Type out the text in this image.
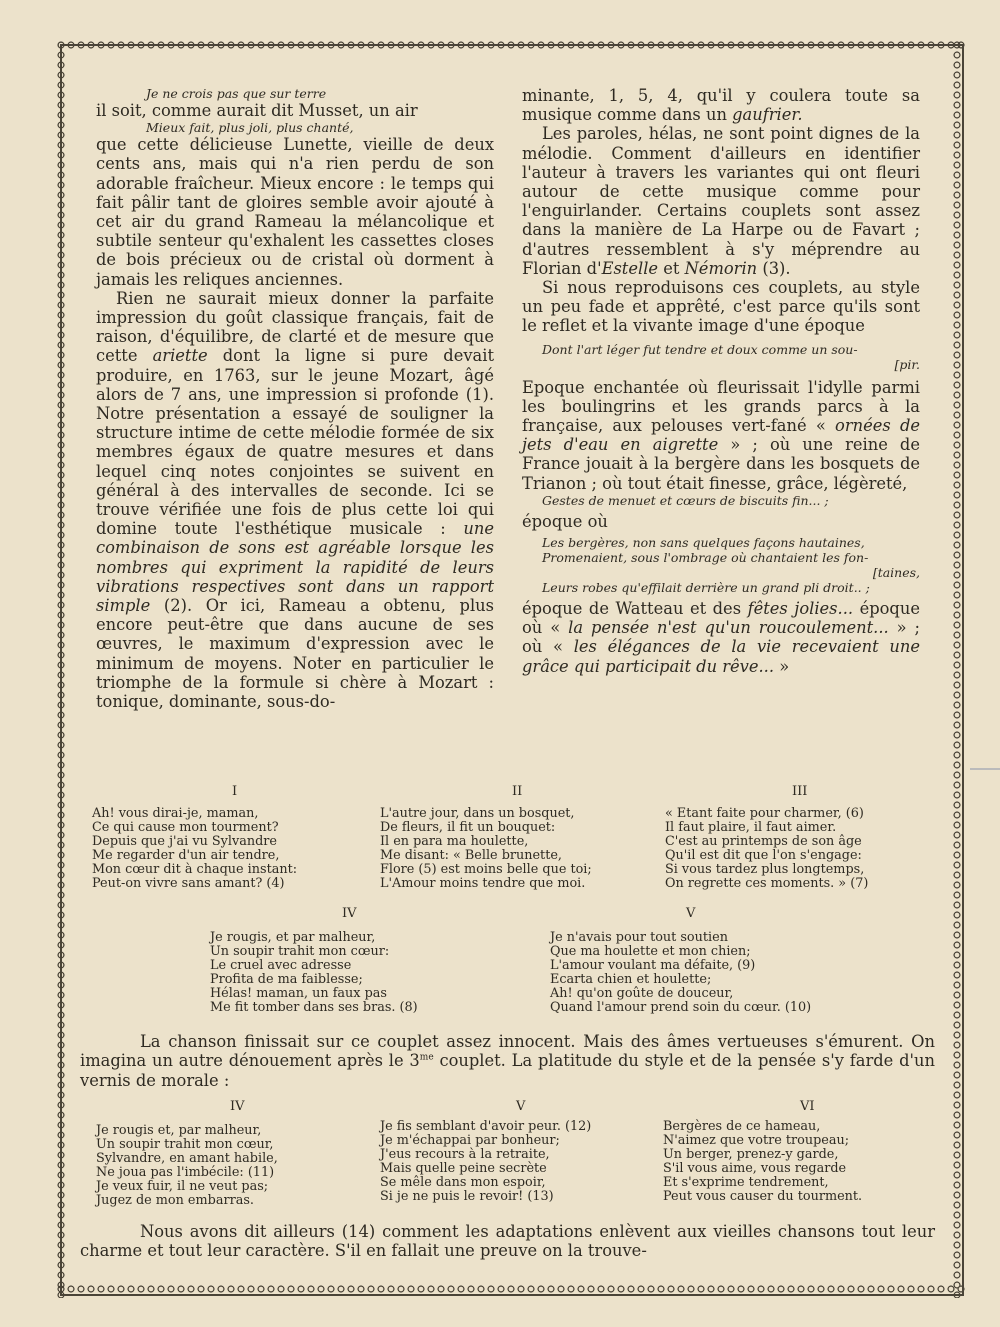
Je ne crois pas que sur terre

il soit, comme aurait dit Musset, un air

Mieux fait, plus joli, plus chanté,

que cette délicieuse Lunette, vieille de deux cents ans, mais qui n'a rien perdu de son adorable fraîcheur. Mieux encore : le temps qui fait pâlir tant de gloires semble avoir ajouté à cet air du grand Rameau la mélancolique et subtile senteur qu'exhalent les cassettes closes de bois précieux ou de cristal où dorment à jamais les reliques anciennes.

Rien ne saurait mieux donner la parfaite impression du goût classique français, fait de raison, d'équilibre, de clarté et de mesure que cette ariette dont la ligne si pure devait produire, en 1763, sur le jeune Mozart, âgé alors de 7 ans, une impression si profonde (1). Notre présentation a essayé de souligner la structure intime de cette mélodie formée de six membres égaux de quatre mesures et dans lequel cinq notes conjointes se suivent en général à des intervalles de seconde. Ici se trouve vérifiée une fois de plus cette loi qui domine toute l'esthétique musicale : une combinaison de sons est agréable lorsque les nombres qui expriment la rapidité de leurs vibrations respectives sont dans un rapport simple (2). Or ici, Rameau a obtenu, plus encore peut-être que dans aucune de ses œuvres, le maximum d'expression avec le minimum de moyens. Noter en particulier le triomphe de la formule si chère à Mozart : tonique, dominante, sous-do-

minante, 1, 5, 4, qu'il y coulera toute sa musique comme dans un gaufrier.

Les paroles, hélas, ne sont point dignes de la mélodie. Comment d'ailleurs en identifier l'auteur à travers les variantes qui ont fleuri autour de cette musique comme pour l'enguirlander. Certains couplets sont assez dans la manière de La Harpe ou de Favart ; d'autres ressemblent à s'y méprendre au Florian d'Estelle et Némorin (3).

Si nous reproduisons ces couplets, au style un peu fade et apprêté, c'est parce qu'ils sont le reflet et la vivante image d'une époque

Dont l'art léger fut tendre et doux comme un sou-

[pir.

Epoque enchantée où fleurissait l'idylle parmi les boulingrins et les grands parcs à la française, aux pelouses vert-fané « ornées de jets d'eau en aigrette » ; où une reine de France jouait à la bergère dans les bosquets de Trianon ; où tout était finesse, grâce, légèreté,

Gestes de menuet et cœurs de biscuits fin... ;

époque où

Les bergères, non sans quelques façons hautaines,

Promenaient, sous l'ombrage où chantaient les fon-

[taines,

Leurs robes qu'effilait derrière un grand pli droit.. ;

époque de Watteau et des fêtes jolies... époque où « la pensée n'est qu'un roucoulement... » ; où « les élégances de la vie recevaient une grâce qui participait du rêve... »

I	II	III
Ah! vous dirai-je, maman,
Ce qui cause mon tourment?
Depuis que j'ai vu Sylvandre
Me regarder d'un air tendre,
Mon cœur dit à chaque instant:
Peut-on vivre sans amant? (4)
L'autre jour, dans un bosquet,
De fleurs, il fit un bouquet:
Il en para ma houlette,
Me disant: « Belle brunette,
Flore (5) est moins belle que toi;
L'Amour moins tendre que moi.
« Etant faite pour charmer, (6)
Il faut plaire, il faut aimer.
C'est au printemps de son âge
Qu'il est dit que l'on s'engage:
Si vous tardez plus longtemps,
On regrette ces moments. » (7)
IV	V
Je rougis, et par malheur,
Un soupir trahit mon cœur:
Le cruel avec adresse
Profita de ma faiblesse;
Hélas! maman, un faux pas
Me fit tomber dans ses bras. (8)
Je n'avais pour tout soutien
Que ma houlette et mon chien;
L'amour voulant ma défaite, (9)
Ecarta chien et houlette;
Ah! qu'on goûte de douceur,
Quand l'amour prend soin du cœur. (10)

La chanson finissait sur ce couplet assez innocent. Mais des âmes vertueuses s'émurent. On imagina un autre dénouement après le $3^{me}$ couplet. La platitude du style et de la pensée s'y farde d'un vernis de morale :

IV	V	VI
Je rougis et, par malheur,
Un soupir trahit mon cœur,
Sylvandre, en amant habile,
Ne joua pas l'imbécile: (11)
Je veux fuir, il ne veut pas;
Jugez de mon embarras.
Je fis semblant d'avoir peur. (12)
Je m'échappai par bonheur;
J'eus recours à la retraite,
Mais quelle peine secrète
Se mêle dans mon espoir,
Si je ne puis le revoir! (13)
Bergères de ce hameau,
N'aimez que votre troupeau;
Un berger, prenez-y garde,
S'il vous aime, vous regarde
Et s'exprime tendrement,
Peut vous causer du tourment.

Nous avons dit ailleurs (14) comment les adaptations enlèvent aux vieilles chansons tout leur charme et tout leur caractère. S'il en fallait une preuve on la trouve-
